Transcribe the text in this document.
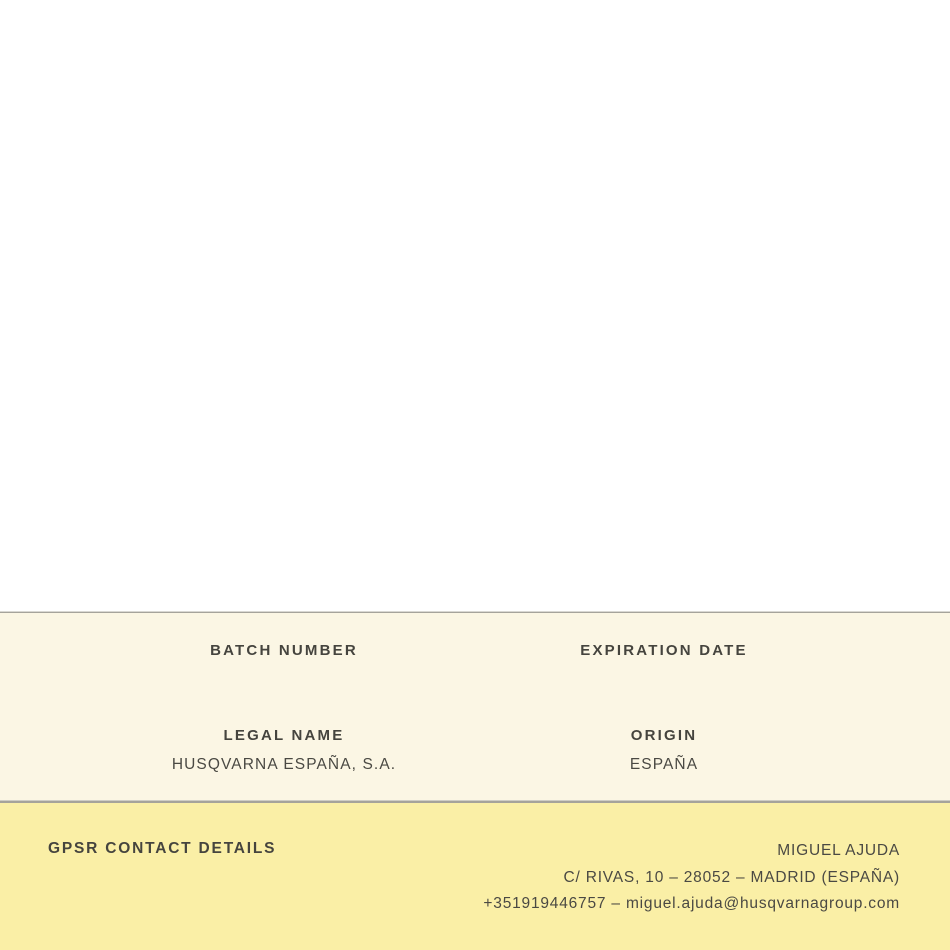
BATCH NUMBER	EXPIRATION DATE
LEGAL NAME
HUSQVARNA ESPAÑA, S.A.
ORIGIN
ESPAÑA
GPSR CONTACT DETAILS	MIGUEL AJUDA
C/ RIVAS, 10 – 28052 – MADRID (ESPAÑA)
+351919446757 – miguel.ajuda@husqvarnagroup.com
